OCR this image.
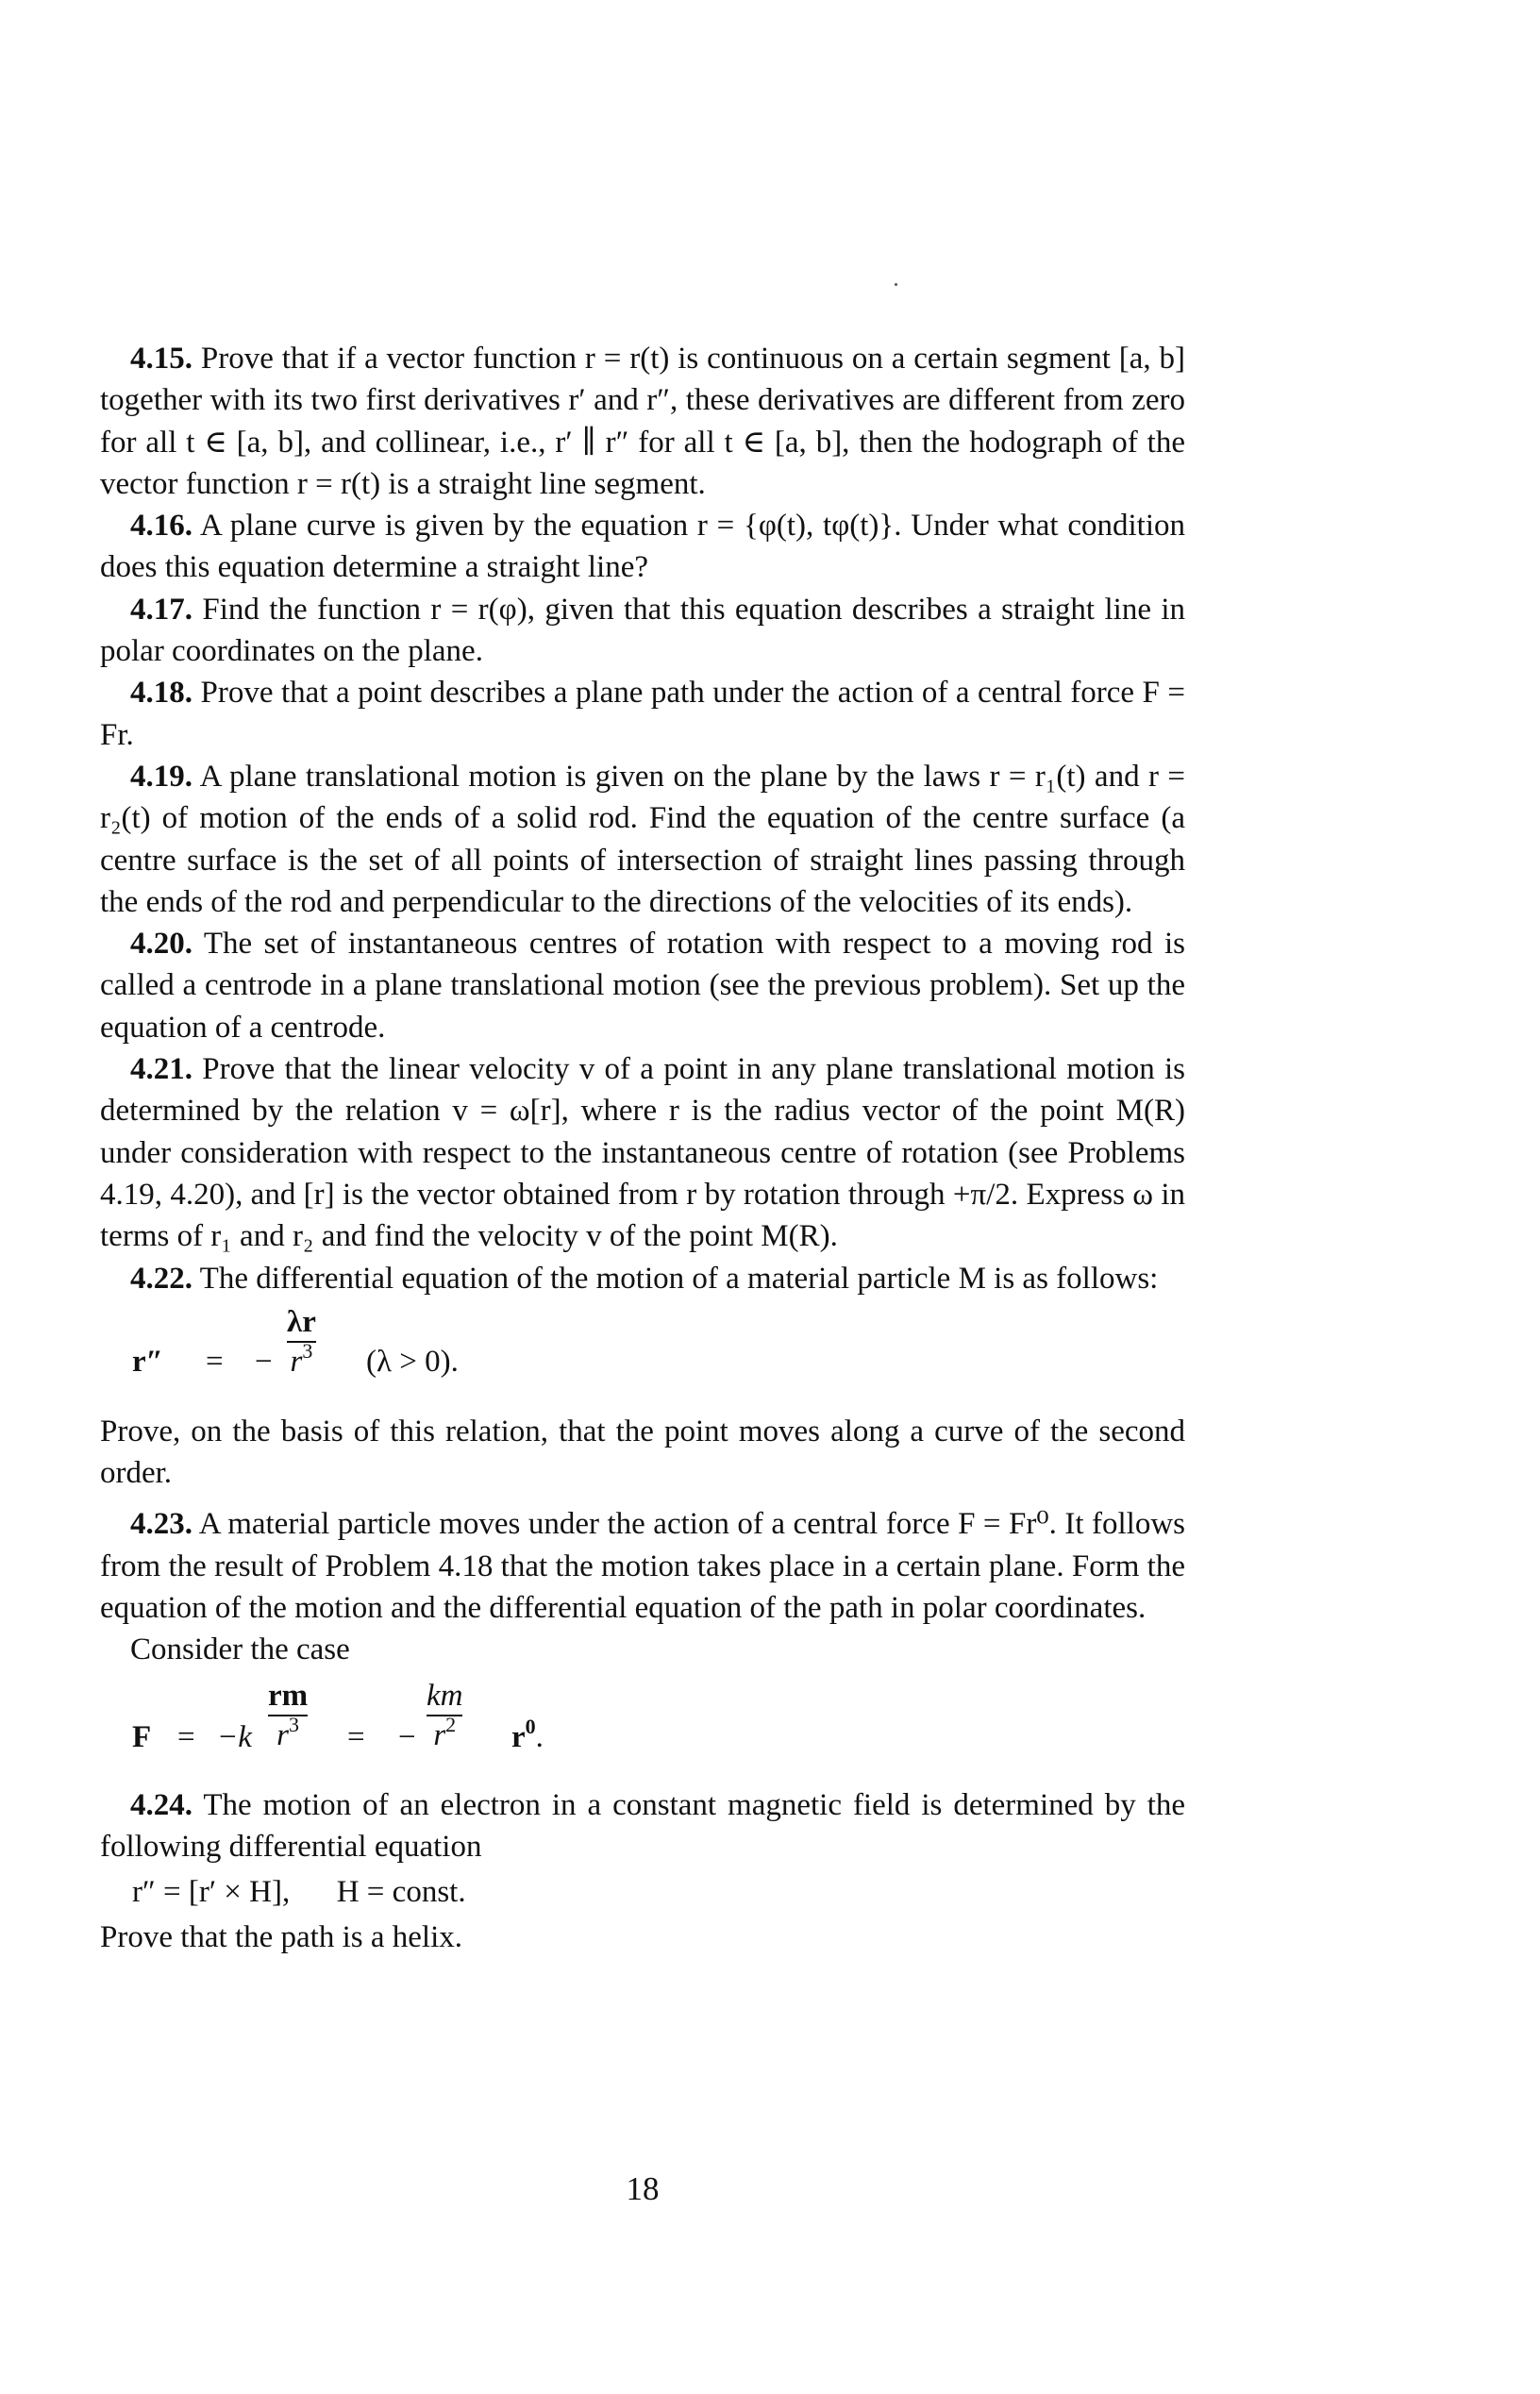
4.15. Prove that if a vector function r = r(t) is continuous on a certain segment [a, b] together with its two first derivatives r′ and r″, these derivatives are different from zero for all t ∈ [a, b], and collinear, i.e., r′ ∥ r″ for all t ∈ [a, b], then the hodograph of the vector function r = r(t) is a straight line segment.

4.16. A plane curve is given by the equation r = {φ(t), tφ(t)}. Under what condition does this equation determine a straight line?

4.17. Find the function r = r(φ), given that this equation describes a straight line in polar coordinates on the plane.

4.18. Prove that a point describes a plane path under the action of a central force F = Fr.

4.19. A plane translational motion is given on the plane by the laws r = r₁(t) and r = r₂(t) of motion of the ends of a solid rod. Find the equation of the centre surface (a centre surface is the set of all points of intersection of straight lines passing through the ends of the rod and perpendicular to the directions of the velocities of its ends).

4.20. The set of instantaneous centres of rotation with respect to a moving rod is called a centrode in a plane translational motion (see the previous problem). Set up the equation of a centrode.

4.21. Prove that the linear velocity v of a point in any plane translational motion is determined by the relation v = ω[r], where r is the radius vector of the point M(R) under consideration with respect to the instantaneous centre of rotation (see Problems 4.19, 4.20), and [r] is the vector obtained from r by rotation through +π/2. Express ω in terms of r₁ and r₂ and find the velocity v of the point M(R).

4.22. The differential equation of the motion of a material particle M is as follows:

r″ = −
λr
$r^3$ (λ > 0).

Prove, on the basis of this relation, that the point moves along a curve of the second order.

4.23. A material particle moves under the action of a central force F = Fr⁰. It follows from the result of Problem 4.18 that the motion takes place in a certain plane. Form the equation of the motion and the differential equation of the path in polar coordinates.

Consider the case

F = −k
rm
$r^3$ = −
km
$r^2$ $r^0$.

4.24. The motion of an electron in a constant magnetic field is determined by the following differential equation

r″ = [r′ × H],      H = const.

Prove that the path is a helix.

18
